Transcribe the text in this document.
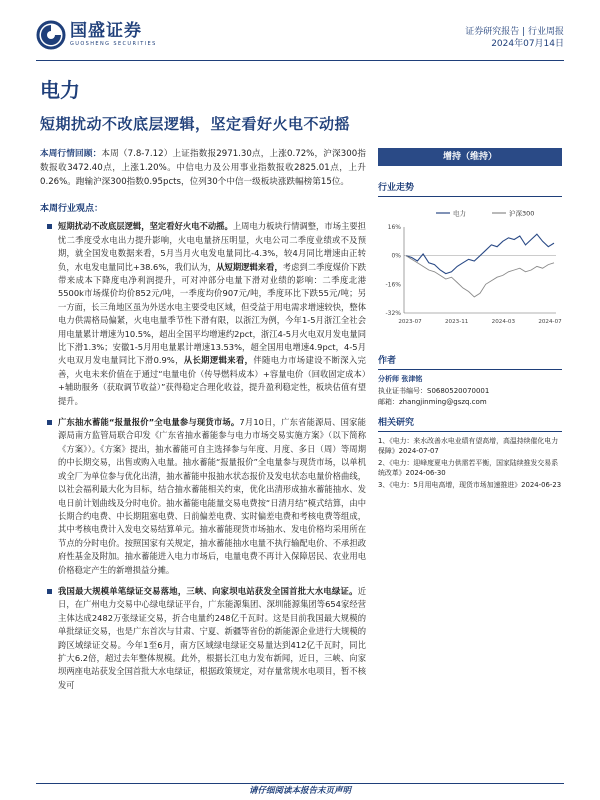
国盛证券
GUOSHENG SECURITIES
证券研究报告 | 行业周报
2024年07月14日
电力
短期扰动不改底层逻辑，坚定看好火电不动摇
本周行情回顾：本周（7.8-7.12）上证指数报2971.30点，上涨0.72%，沪深300指数报收3472.40点，上涨1.20%。中信电力及公用事业指数报收2825.01点，上升0.26%。跑输沪深300指数0.95pcts，位列30个中信一级板块涨跌幅榜第15位。
本周行业观点：
短期扰动不改底层逻辑，坚定看好火电不动摇。上周电力板块行情调整，市场主要担忧二季度受水电出力提升影响，火电电量挤压明显，火电公司二季度业绩或不及预期，就全国发电数据来看，5月当月火电发电量同比-4.3%，较4月同比增速由正转负，水电发电量同比+38.6%，我们认为，从短期逻辑来看，考虑到二季度煤价下跌带来成本下降度电净利润提升，可对冲部分电量下滑对业绩的影响：二季度北港5500k市场煤价均价852元/吨，一季度均价907元/吨，季度环比下跌55元/吨；另一方面，长三角地区虽为外送水电主要受电区域，但受益于用电需求增速较快，整体电力供需格局偏紧，火电电量季节性下滑有限，以浙江为例，今年1-5月浙江全社会用电量累计增速为10.5%，超出全国平均增速约2pct，浙江4-5月火电双月发电量同比下滑1.3%；安徽1-5月用电量累计增速13.53%，超全国用电增速4.9pct，4-5月火电双月发电量同比下滑0.9%，从长期逻辑来看，伴随电力市场建设不断深入完善，火电未来价值在于通过“电量电价（传导燃料成本）+容量电价（回收固定成本）+辅助服务（获取调节收益）”获得稳定合理化收益，提升盈利稳定性，板块估值有望提升。
广东抽水蓄能“报量报价”全电量参与现货市场。7月10日，广东省能源局、国家能源局南方监管局联合印发《广东省抽水蓄能参与电力市场交易实施方案》（以下简称《方案》）。《方案》提出，抽水蓄能可自主选择参与年度、月度、多日（周）等周期的中长期交易，出售或购入电量。抽水蓄能“报量报价”全电量参与现货市场，以单机或全厂为单位参与优化出清，抽水蓄能申报抽水状态报价及发电状态电量价格曲线，以社会福利最大化为目标，结合抽水蓄能相关约束，优化出清形成抽水蓄能抽水、发电日前计划曲线及分时电价。抽水蓄能电能量交易电费按“日清月结”模式结算，由中长期合约电费、中长期阻塞电费、日前偏差电费、实时偏差电费和考核电费等组成，其中考核电费计入发电交易结算单元。抽水蓄能现货市场抽水、发电价格均采用所在节点的分时电价。按照国家有关规定，抽水蓄能抽水电量不执行输配电价、不承担政府性基金及附加。抽水蓄能进入电力市场后，电量电费不再计入保障居民、农业用电价格稳定产生的新增损益分摊。
我国最大规模单笔绿证交易落地，三峡、向家坝电站获发全国首批大水电绿证。近日，在广州电力交易中心绿电绿证平台，广东能源集团、深圳能源集团等654家经营主体达成2482万张绿证交易，折合电量约248亿千瓦时。这是目前我国最大规模的单批绿证交易，也是广东首次与甘肃、宁夏、新疆等省份的新能源企业进行大规模的跨区域绿证交易。今年1至6月，南方区域绿电绿证交易量达到412亿千瓦时，同比扩大6.2倍，超过去年整体规模。此外，根据长江电力发布新闻，近日，三峡、向家坝两座电站获发全国首批大水电绿证，根据政策规定，对存量常规水电项目，暂不核发可
增持（维持）
行业走势
16%
0%
-16%
-32%
2023-07	2023-11	2024-03	2024-07
电力	沪深300
作者
分析师 张津铭
执业证书编号：S0680520070001
邮箱：zhangjinming@gszq.com
相关研究
1、《电力：来水改善水电业绩有望高增，高温持续催化电力保障》2024-07-07
2、《电力：迎峰度夏电力供需若平衡，国家陆续推发交易系统改革》2024-06-30
3、《电力：5月用电高增，现货市场加速推进》2024-06-23
请仔细阅读本报告末页声明
